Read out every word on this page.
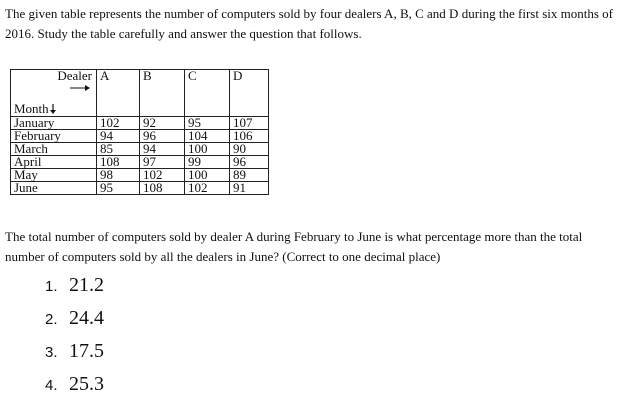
The given table represents the number of computers sold by four dealers A, B, C and D during the first six months of 2016. Study the table carefully and answer the question that follows.
Dealer	A	B	C	D
Month				
January	102	92	95	107
February	94	96	104	106
March	85	94	100	90
April	108	97	99	96
May	98	102	100	89
June	95	108	102	91
The total number of computers sold by dealer A during February to June is what percentage more than the total number of computers sold by all the dealers in June? (Correct to one decimal place)
1. 21.2
2. 24.4
3. 17.5
4. 25.3
